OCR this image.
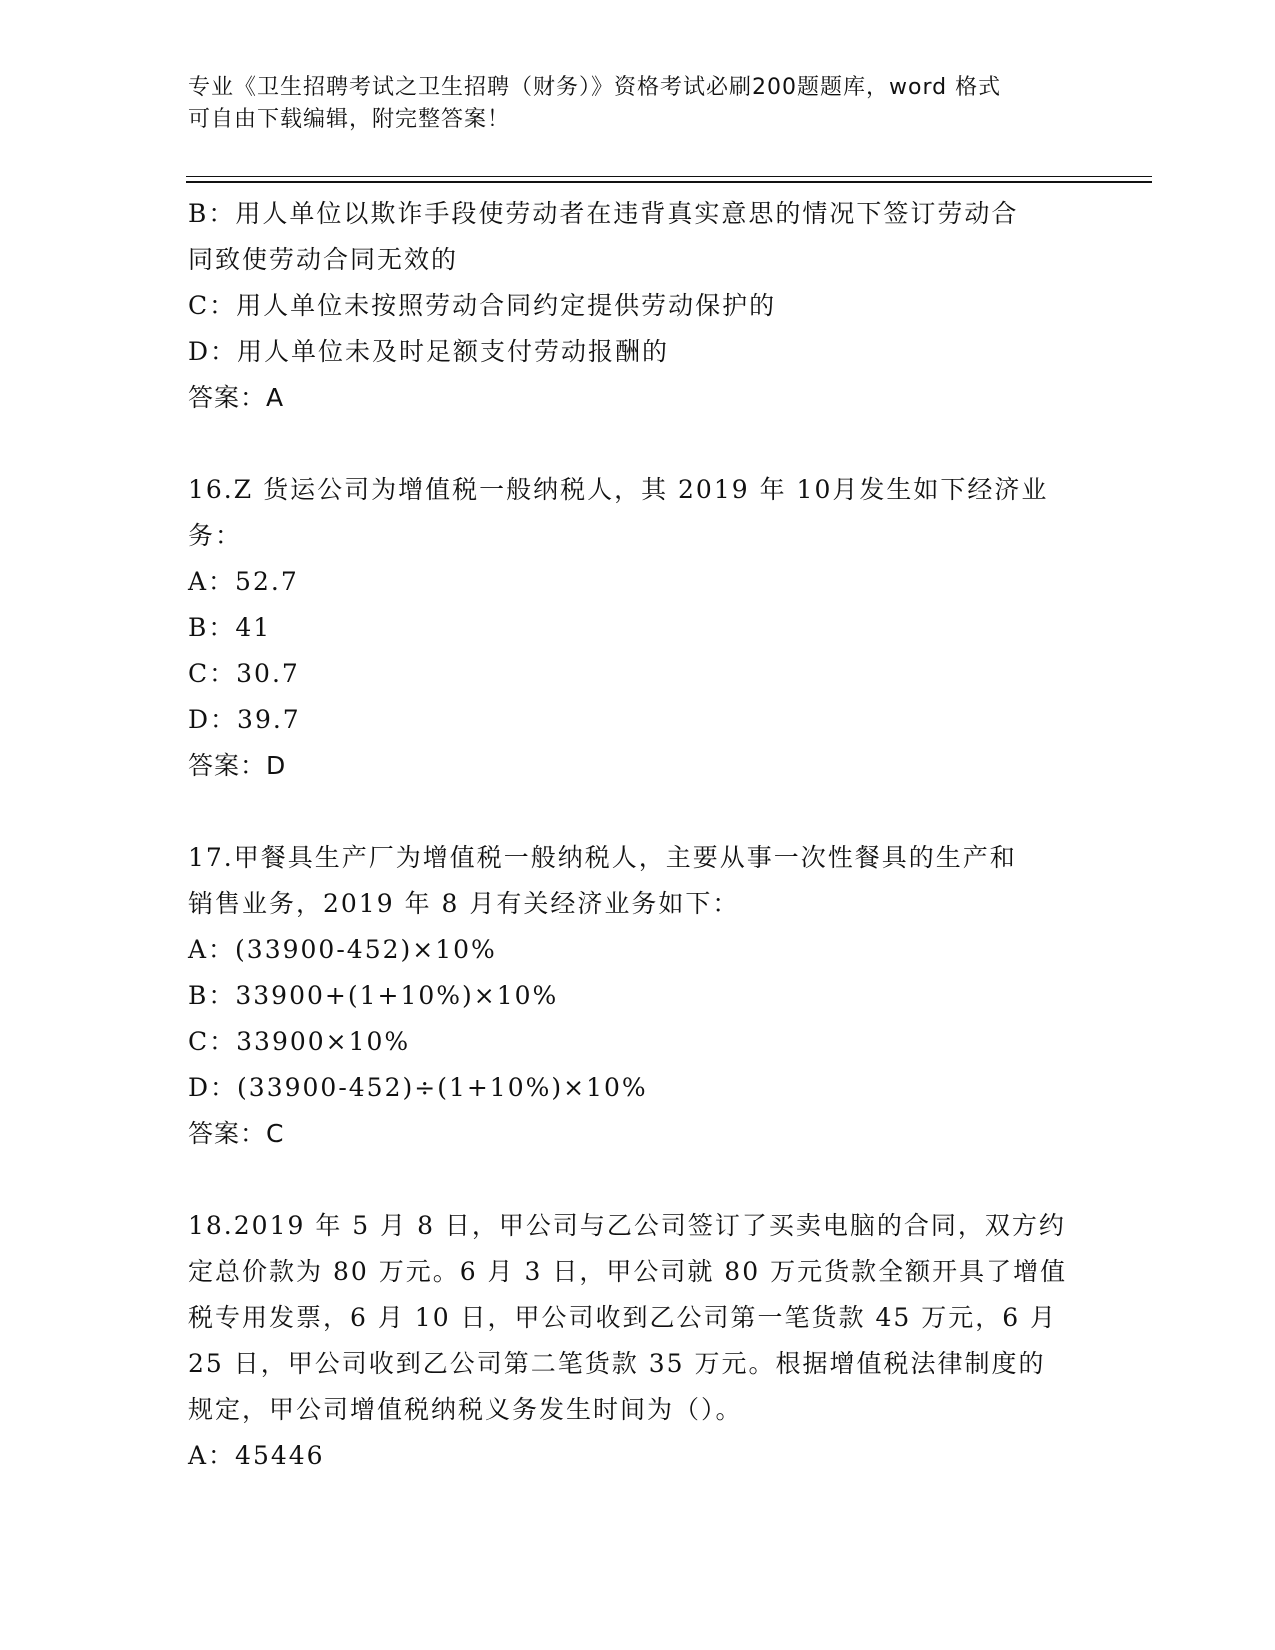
专业《卫生招聘考试之卫生招聘（财务）》资格考试必刷200题题库，word 格式
可自由下载编辑，附完整答案！
B：用人单位以欺诈手段使劳动者在违背真实意思的情况下签订劳动合
同致使劳动合同无效的
C：用人单位未按照劳动合同约定提供劳动保护的
D：用人单位未及时足额支付劳动报酬的
答案：A
16.Z 货运公司为增值税一般纳税人，其 2019 年 10月发生如下经济业
务：
A：52.7
B：41
C：30.7
D：39.7
答案：D
17.甲餐具生产厂为增值税一般纳税人，主要从事一次性餐具的生产和
销售业务，2019 年 8 月有关经济业务如下：
A：(33900-452)×10%
B：33900+(1+10%)×10%
C：33900×10%
D：(33900-452)÷(1+10%)×10%
答案：C
18.2019 年 5 月 8 日，甲公司与乙公司签订了买卖电脑的合同，双方约
定总价款为 80 万元。6 月 3 日，甲公司就 80 万元货款全额开具了增值
税专用发票，6 月 10 日，甲公司收到乙公司第一笔货款 45 万元，6 月
25 日，甲公司收到乙公司第二笔货款 35 万元。根据增值税法律制度的
规定，甲公司增值税纳税义务发生时间为（）。
A：45446
